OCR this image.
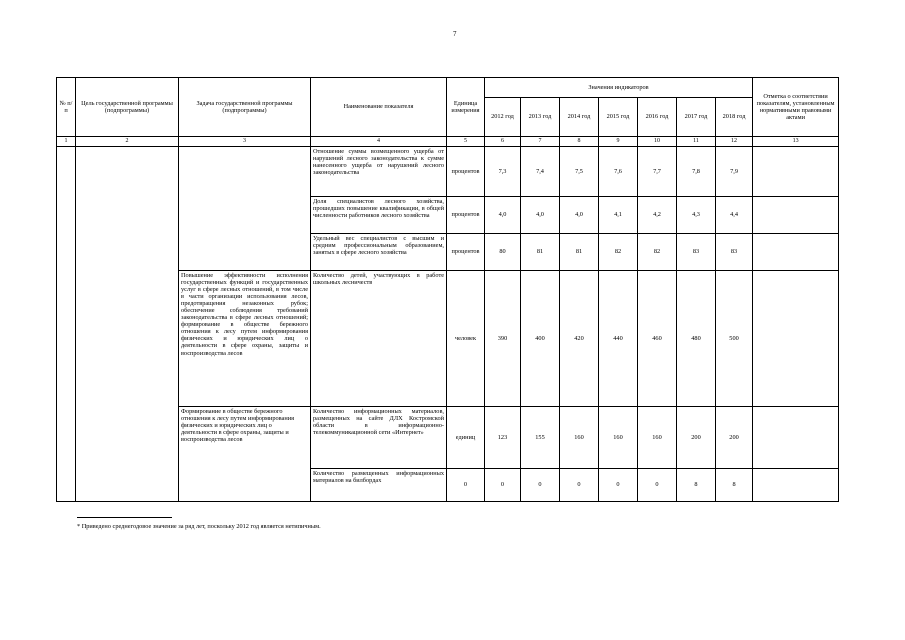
7
№ п/п	Цель государственной программы (подпрограммы)	Задача государственной программы (подпрограммы)	Наименование показателя	Единица измерения	Значения индикаторов							Отметка о соответствии показателям, установленным нормативными правовыми актами
					2012 год	2013 год	2014 год	2015 год	2016 год	2017 год	2018 год	
1	2	3	4	5	6	7	8	9	10	11	12	13
			Отношение суммы возмещенного ущерба от нарушений лесного законодательства к сумме нанесенного ущерба от нарушений лесного законодательства	процентов	7,3	7,4	7,5	7,6	7,7	7,8	7,9	
			Доля специалистов лесного хозяйства, прошедших повышение квалификации, в общей численности работников лесного хозяйства	процентов	4,0	4,0	4,0	4,1	4,2	4,3	4,4	
			Удельный вес специалистов с высшим и средним профессиональным образованием, занятых в сфере лесного хозяйства	процентов	80	81	81	82	82	83	83	
		Повышение эффективности исполнения государственных функций и государственных услуг в сфере лесных отношений, в том числе в части организации использования лесов, предотвращения незаконных рубок; обеспечение соблюдения требований законодательства в сфере лесных отношений; формирование в обществе бережного отношения к лесу путем информирования физических и юридических лиц о деятельности в сфере охраны, защиты и воспроизводства лесов	Количество детей, участвующих в работе школьных лесничеств	человек	390	400	420	440	460	480	500	
		Формирование в обществе бережного отношения к лесу путем информирования физических и юридических лиц о деятельности в сфере охраны, защиты и воспроизводства лесов	Количество информационных материалов, размещенных на сайте ДЛХ Костромской области в информационно-телекоммуникационной сети «Интернет»	единиц	123	155	160	160	160	200	200	
			Количество размещенных информационных материалов на билбордах	0	0	0	0	0	0	8	8	
* Приведено среднегодовое значение за ряд лет, поскольку 2012 год является нетипичным.
